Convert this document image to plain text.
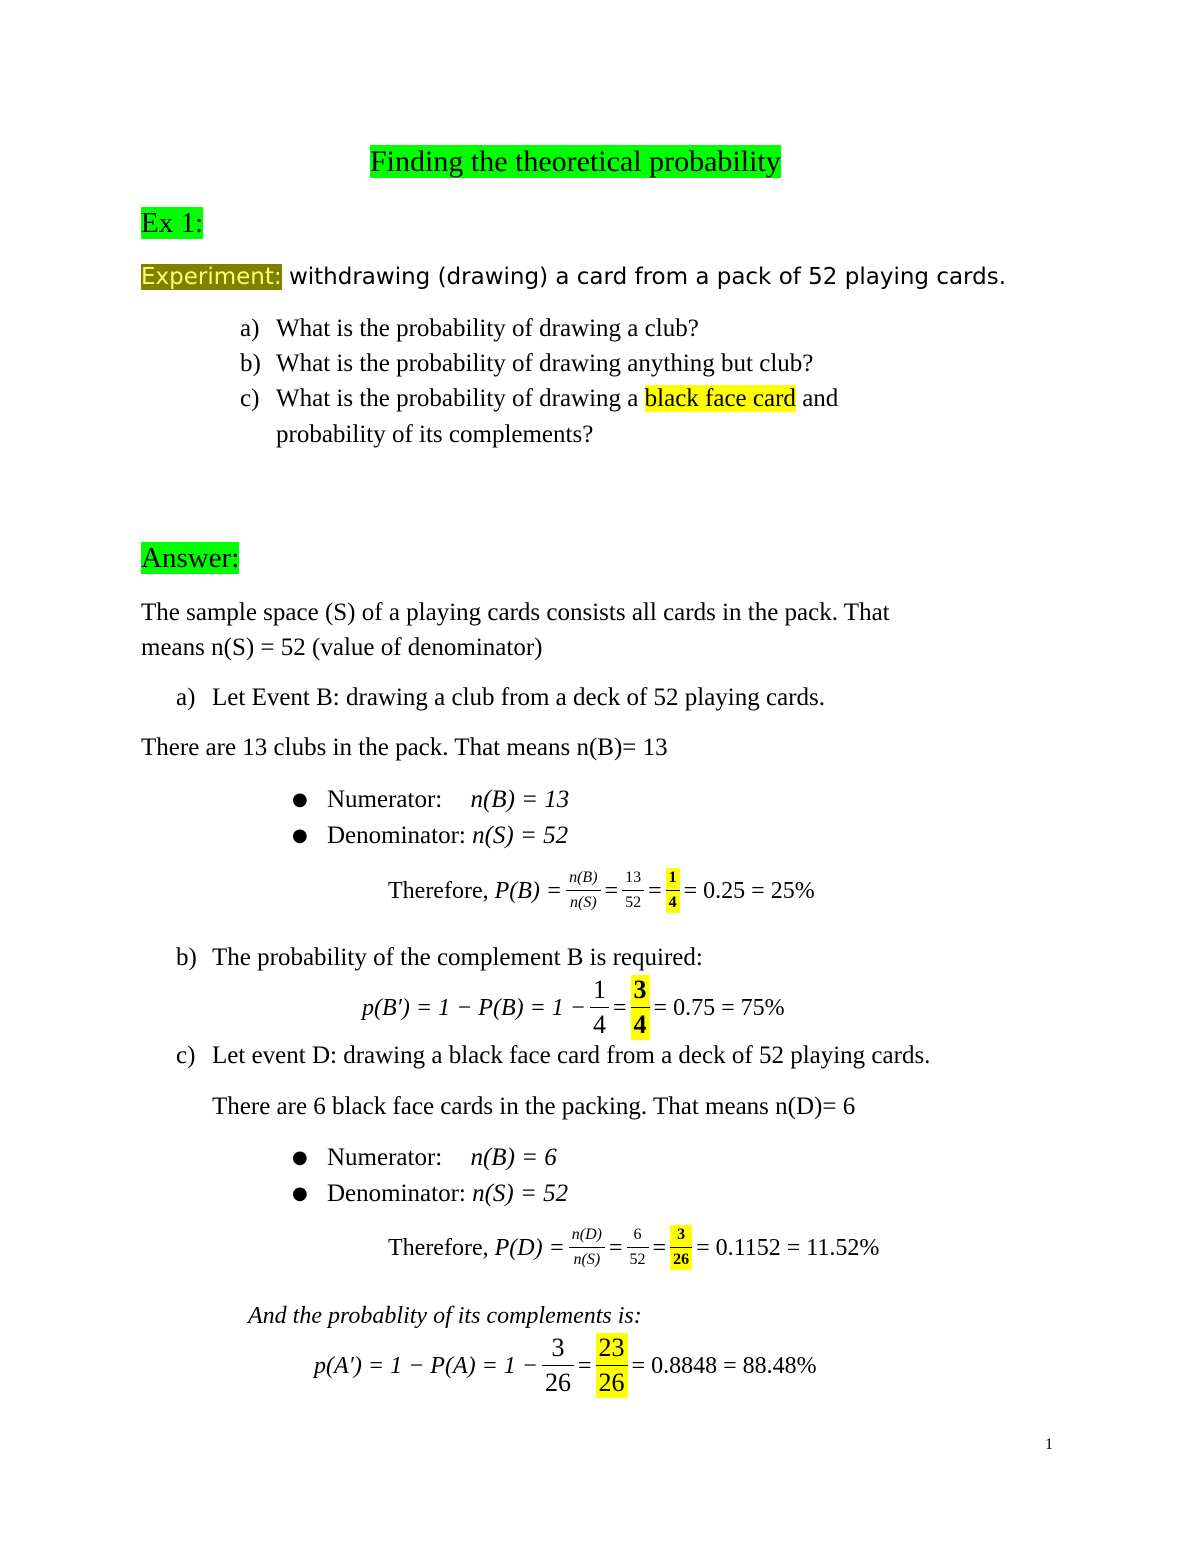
Finding the theoretical probability
Ex 1:
Experiment: withdrawing (drawing) a card from a pack of 52 playing cards.
a) What is the probability of drawing a club?
b) What is the probability of drawing anything but club?
c) What is the probability of drawing a black face card and
probability of its complements?
Answer:
The sample space (S) of a playing cards consists all cards in the pack. That
means n(S) = 52 (value of denominator)
a) Let Event B: drawing a club from a deck of 52 playing cards.
There are 13 clubs in the pack. That means n(B)= 13
● Numerator: n(B) = 13
● Denominator: n(S) = 52
Therefore, $P(B) = \frac{n(B)}{n(S)} = \frac{13}{52} = \frac{1}{4} = 0.25 = 25\%$
b) The probability of the complement B is required:
$p(B') = 1 - P(B) = 1 - \frac{1}{4} = \frac{3}{4} = 0.75 = 75\%$
c) Let event D: drawing a black face card from a deck of 52 playing cards.
There are 6 black face cards in the packing. That means n(D)= 6
● Numerator: n(B) = 6
● Denominator: n(S) = 52
Therefore, $P(D) = \frac{n(D)}{n(S)} = \frac{6}{52} = \frac{3}{26} = 0.1152 = 11.52\%$
And the probablity of its complements is:
$p(A') = 1 - P(A) = 1 - \frac{3}{26} = \frac{23}{26} = 0.8848 = 88.48\%$
1
